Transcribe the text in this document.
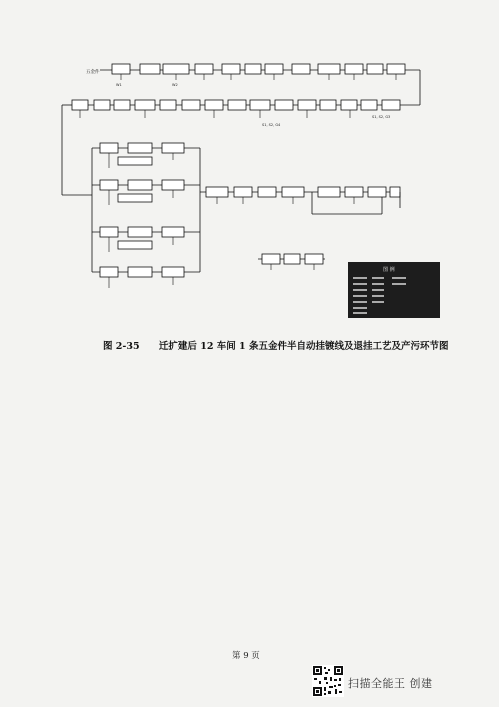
五金件
W1	W2
S1, S2, G4
S1, S2, G3
图 例
图 2-35 迁扩建后 12 车间 1 条五金件半自动挂镀线及退挂工艺及产污环节图
第 9 页
扫描全能王 创建
